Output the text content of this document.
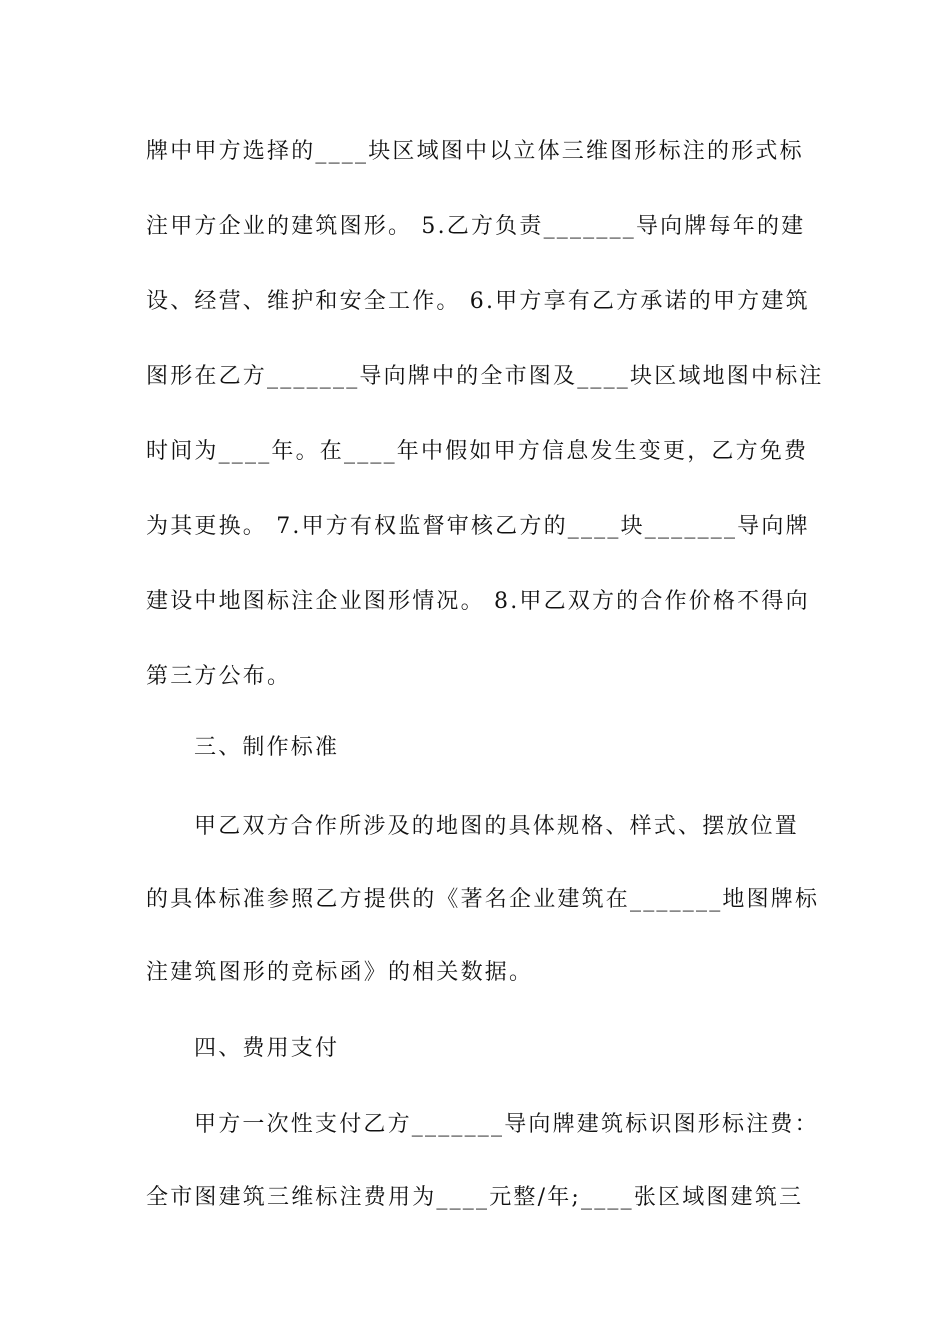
牌中甲方选择的____块区域图中以立体三维图形标注的形式标
注甲方企业的建筑图形。 5.乙方负责_______导向牌每年的建
设、经营、维护和安全工作。 6.甲方享有乙方承诺的甲方建筑
图形在乙方_______导向牌中的全市图及____块区域地图中标注
时间为____年。在____年中假如甲方信息发生变更，乙方免费
为其更换。 7.甲方有权监督审核乙方的____块_______导向牌
建设中地图标注企业图形情况。 8.甲乙双方的合作价格不得向
第三方公布。
三、制作标准
甲乙双方合作所涉及的地图的具体规格、样式、摆放位置
的具体标准参照乙方提供的《著名企业建筑在_______地图牌标
注建筑图形的竞标函》的相关数据。
四、费用支付
甲方一次性支付乙方_______导向牌建筑标识图形标注费：
全市图建筑三维标注费用为____元整/年;____张区域图建筑三
